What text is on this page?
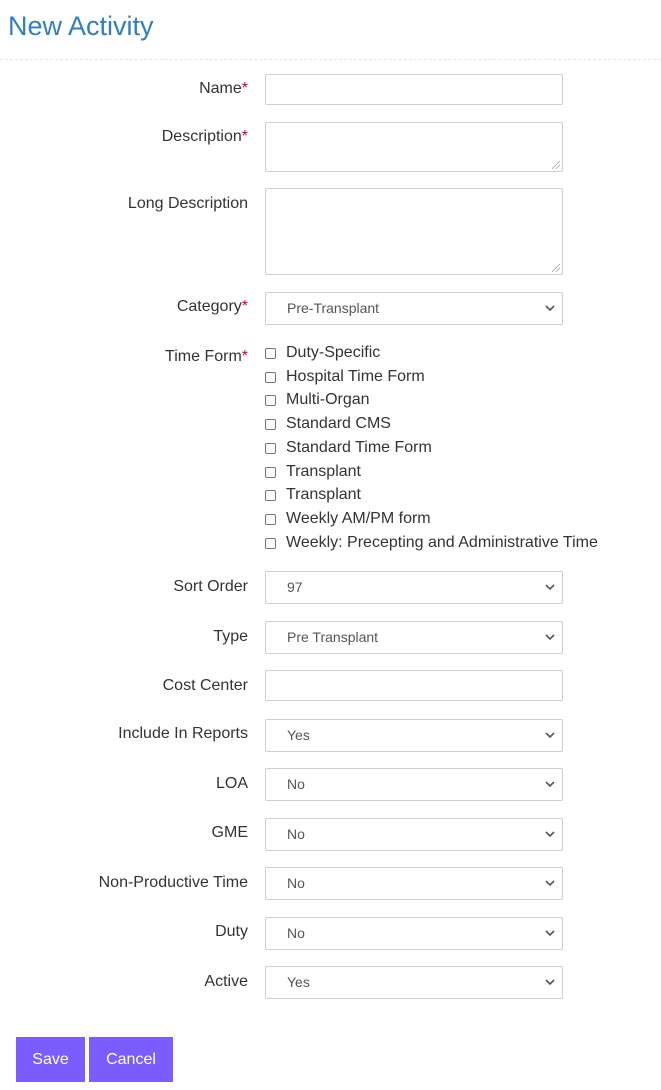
New Activity
Name*
Description*
Long Description
Category*	Pre-Transplant
Time Form* Duty-Specific
Hospital Time Form
Multi-Organ
Standard CMS
Standard Time Form
Transplant
Transplant
Weekly AM/PM form
Weekly: Precepting and Administrative Time
Sort Order	97
Type	Pre Transplant
Cost Center
Include In Reports	Yes
LOA	No
GME	No
Non-Productive Time	No
Duty	No
Active	Yes
Save	Cancel
